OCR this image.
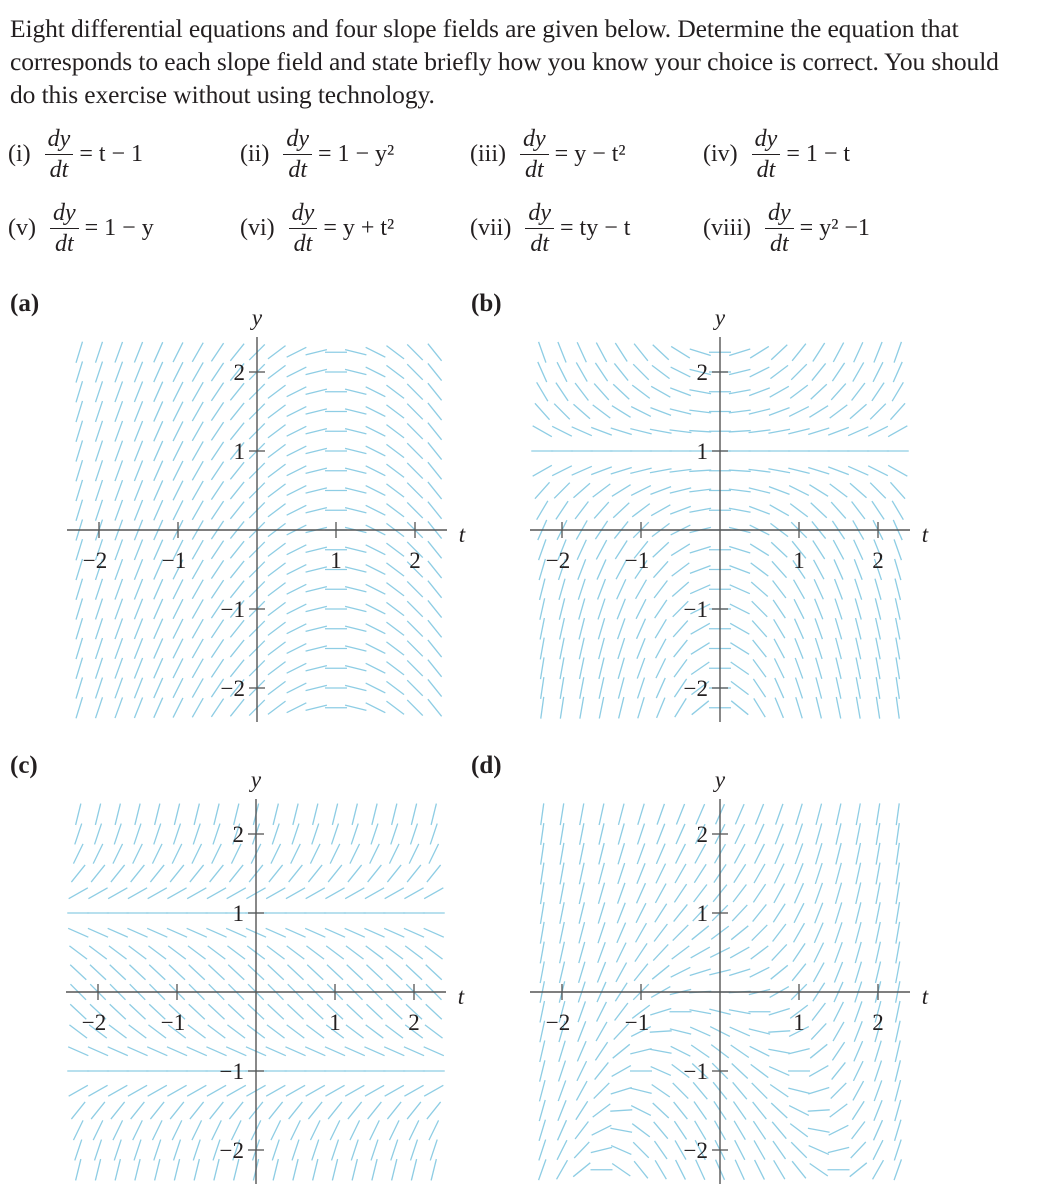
Eight differential equations and four slope fields are given below. Determine the equation that corresponds to each slope field and state briefly how you know your choice is correct. You should do this exercise without using technology.
$(i) \frac{dy}{dt} = t - 1$	$(ii) \frac{dy}{dt} = 1 - y^2$	$(iii) \frac{dy}{dt} = y - t^2$	$(iv) \frac{dy}{dt} = 1 - t$
$(v) \frac{dy}{dt} = 1 - y$	$(vi) \frac{dy}{dt} = y + t^2$	$(vii) \frac{dy}{dt}$ = ty − t	(viii) $\frac{dy}{dt} = y^2 -1$
(a)	(b)
(c)	(d)
−2 −1	1	2
2
1
−1
−2
y
t
−2 −1	1	2
2
1
−1
−2
y
t
−2 −1	1	2
2
1
−1
−2
y
t
−2 −1	1	2
2
1
−1
−2
y
t
